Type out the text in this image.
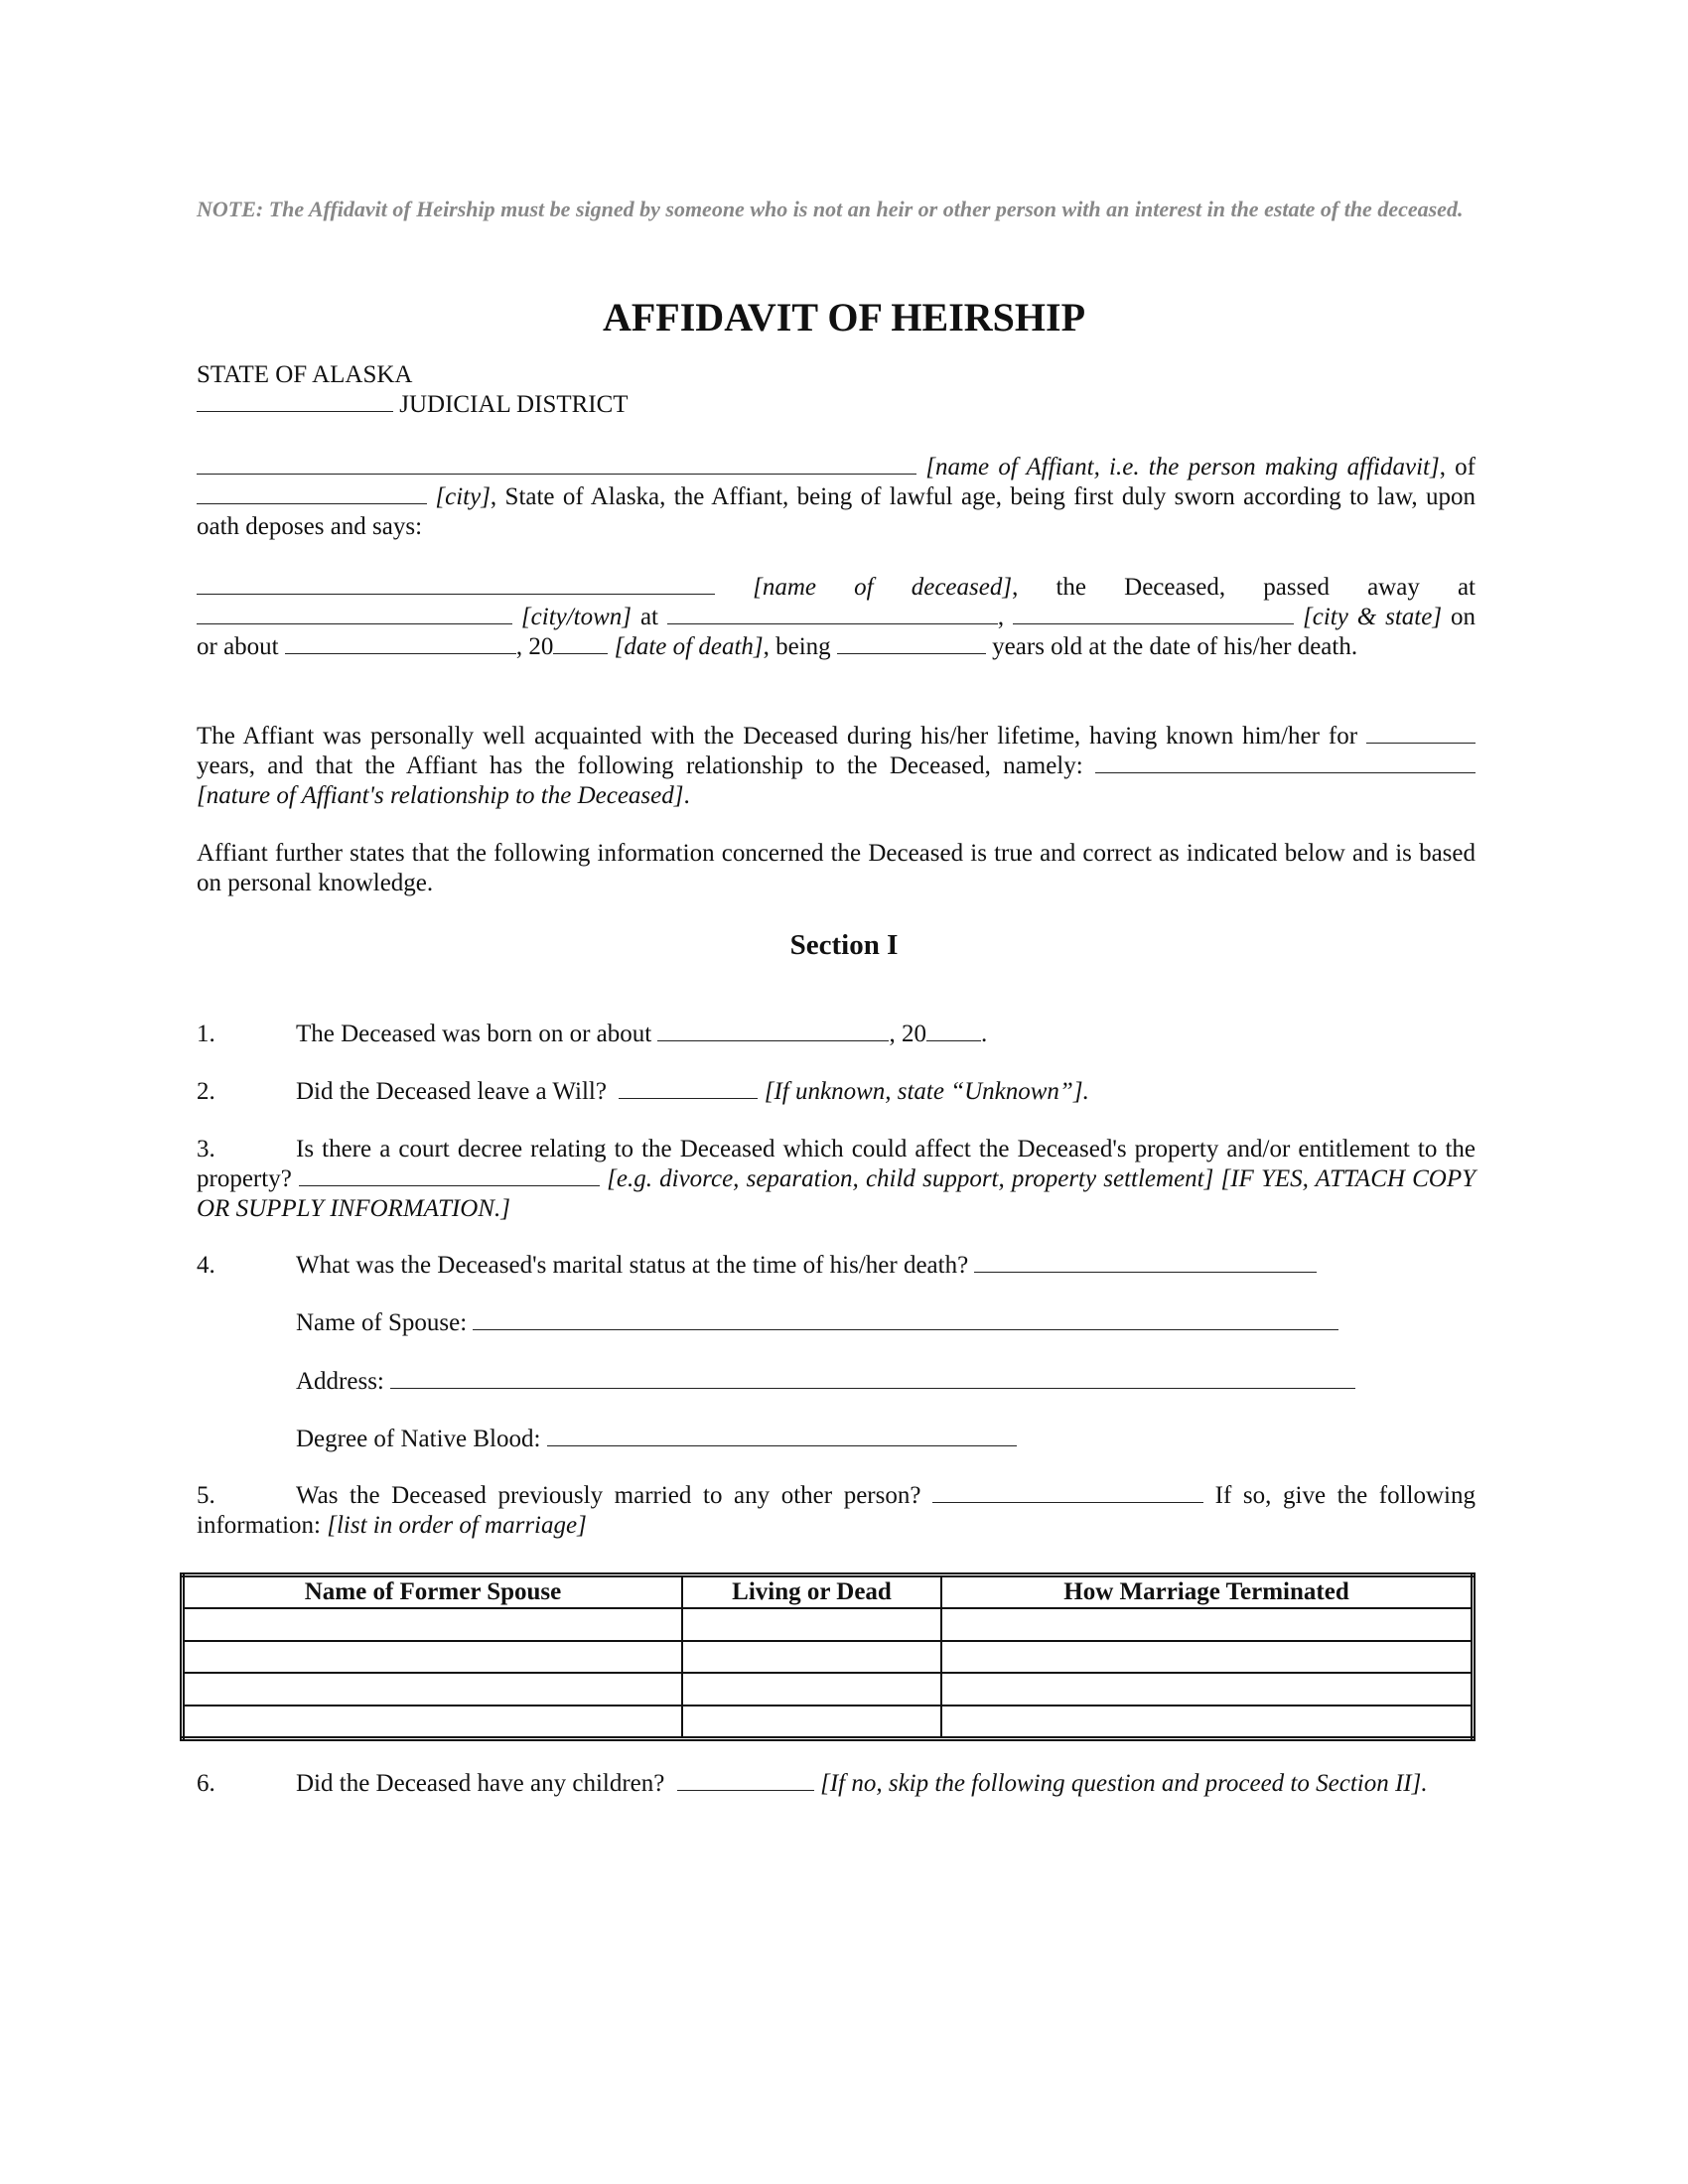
NOTE: The Affidavit of Heirship must be signed by someone who is not an heir or other person with an interest in the estate of the deceased.
AFFIDAVIT OF HEIRSHIP
STATE OF ALASKA
JUDICIAL DISTRICT
[name of Affiant, i.e. the person making affidavit], of  [city], State of Alaska, the Affiant, being of lawful age, being first duly sworn according to law, upon oath deposes and says:
[name of deceased], the Deceased, passed away at  [city/town] at	,	[city & state] on or about	, 20 [date of death], being	years old at the date of his/her death.
The Affiant was personally well acquainted with the Deceased during his/her lifetime, having known him/her for  years, and that the Affiant has the following relationship to the Deceased, namely:  [nature of Affiant's relationship to the Deceased].
Affiant further states that the following information concerned the Deceased is true and correct as indicated below and is based on personal knowledge.
Section I
1.	The Deceased was born on or about	, 20 .
2.	Did the Deceased leave a Will?	[If unknown, state “Unknown”].
3.	Is there a court decree relating to the Deceased which could affect the Deceased's property and/or entitlement to the property?	[e.g. divorce, separation, child support, property settlement] [IF YES, ATTACH COPY OR SUPPLY INFORMATION.]
4.	What was the Deceased's marital status at the time of his/her death?
Name of Spouse:
Address:
Degree of Native Blood:
5.	Was the Deceased previously married to any other person?	If so, give the following information: [list in order of marriage]
Name of Former Spouse	Living or Dead	How Marriage Terminated

6.	Did the Deceased have any children?	[If no, skip the following question and proceed to Section II].
